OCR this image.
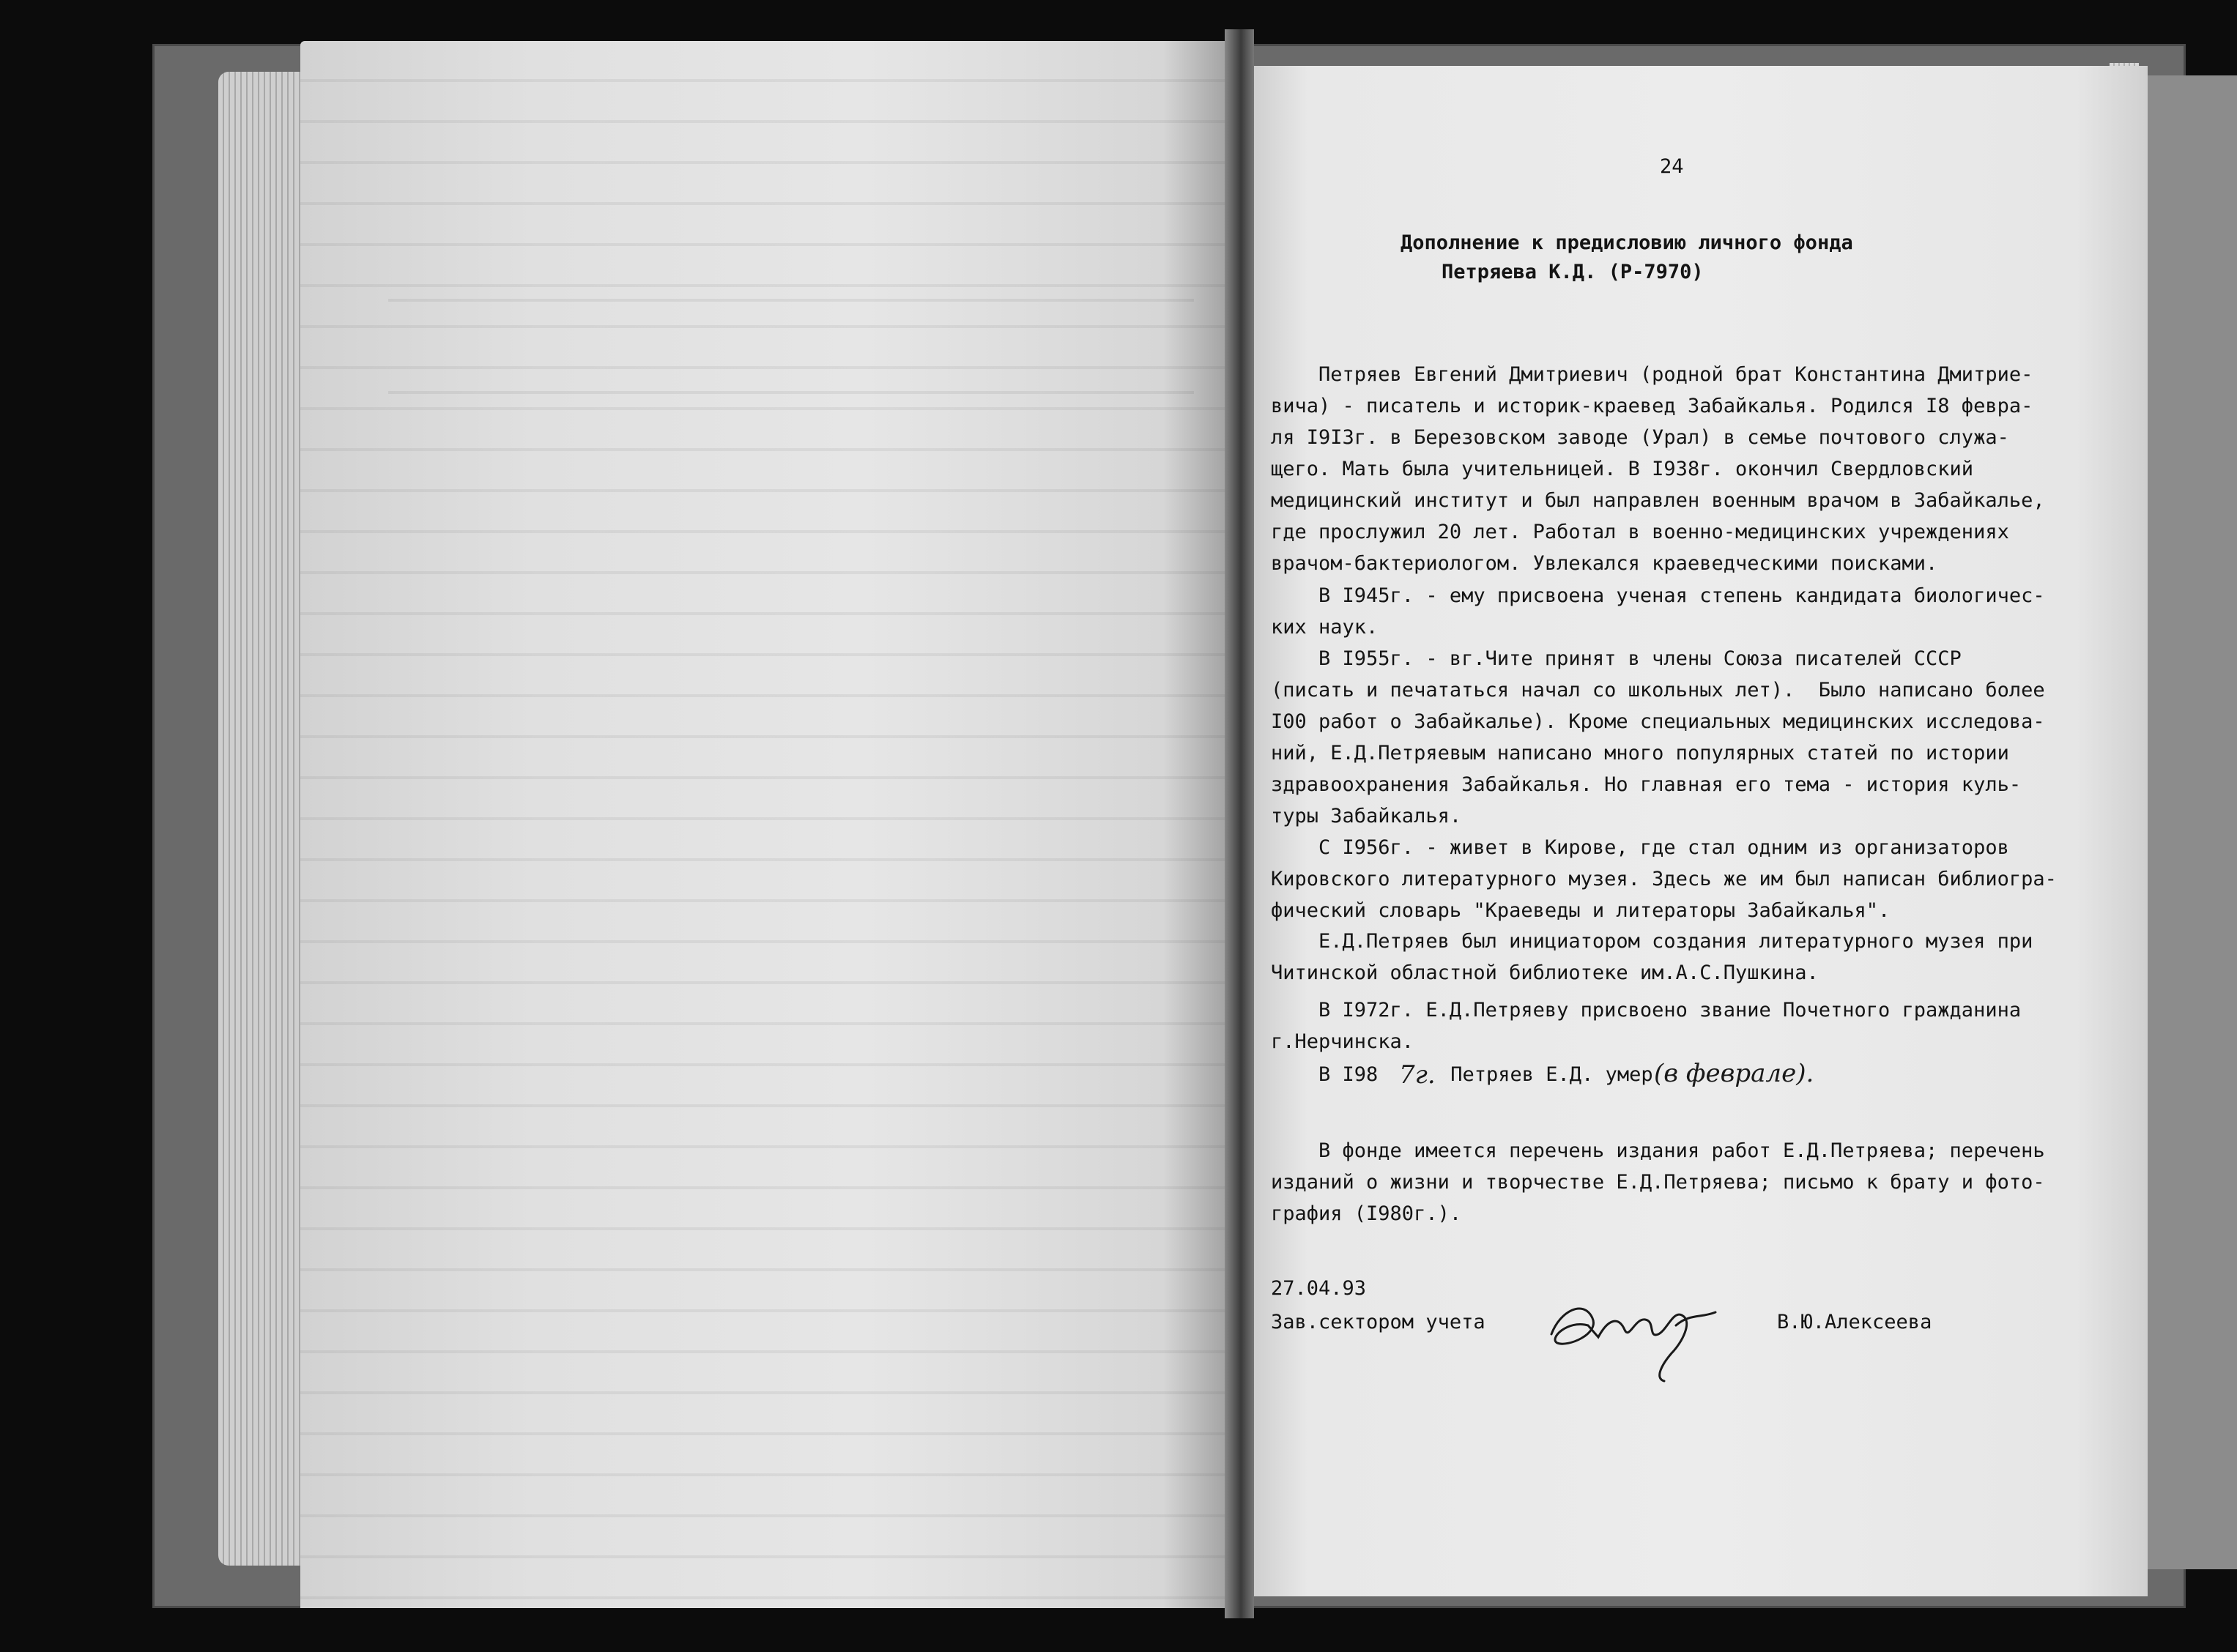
24
Дополнение к предисловию личного фонда
Петряева К.Д. (Р-7970)
Петряев Евгений Дмитриевич (родной брат Константина Дмитрие-
вича) - писатель и историк-краевед Забайкалья. Родился I8 февра-
ля I9I3г. в Березовском заводе (Урал) в семье почтового служа-
щего. Мать была учительницей. В I938г. окончил Свердловский
медицинский институт и был направлен военным врачом в Забайкалье,
где прослужил 20 лет. Работал в военно-медицинских учреждениях
врачом-бактериологом. Увлекался краеведческими поисками.
В I945г. - ему присвоена ученая степень кандидата биологичес-
ких наук.
В I955г. - вг.Чите принят в члены Союза писателей СССР
(писать и печататься начал со школьных лет).  Было написано более
I00 работ о Забайкалье). Кроме специальных медицинских исследова-
ний, Е.Д.Петряевым написано много популярных статей по истории
здравоохранения Забайкалья. Но главная его тема - история куль-
туры Забайкалья.
С I956г. - живет в Кирове, где стал одним из организаторов
Кировского литературного музея. Здесь же им был написан библиогра-
фический словарь "Краеведы и литераторы Забайкалья".
Е.Д.Петряев был инициатором создания литературного музея при
Читинской областной библиотеке им.А.С.Пушкина.
В I972г. Е.Д.Петряеву присвоено звание Почетного гражданина
г.Нерчинска.
В фонде имеется перечень издания работ Е.Д.Петряева; перечень
изданий о жизни и творчестве Е.Д.Петряева; письмо к брату и фото-
графия (I980г.).
В I98 7г. Петряев Е.Д. умер (в феврале).
27.04.93
Зав.сектором учета	В.Ю.Алексеева
